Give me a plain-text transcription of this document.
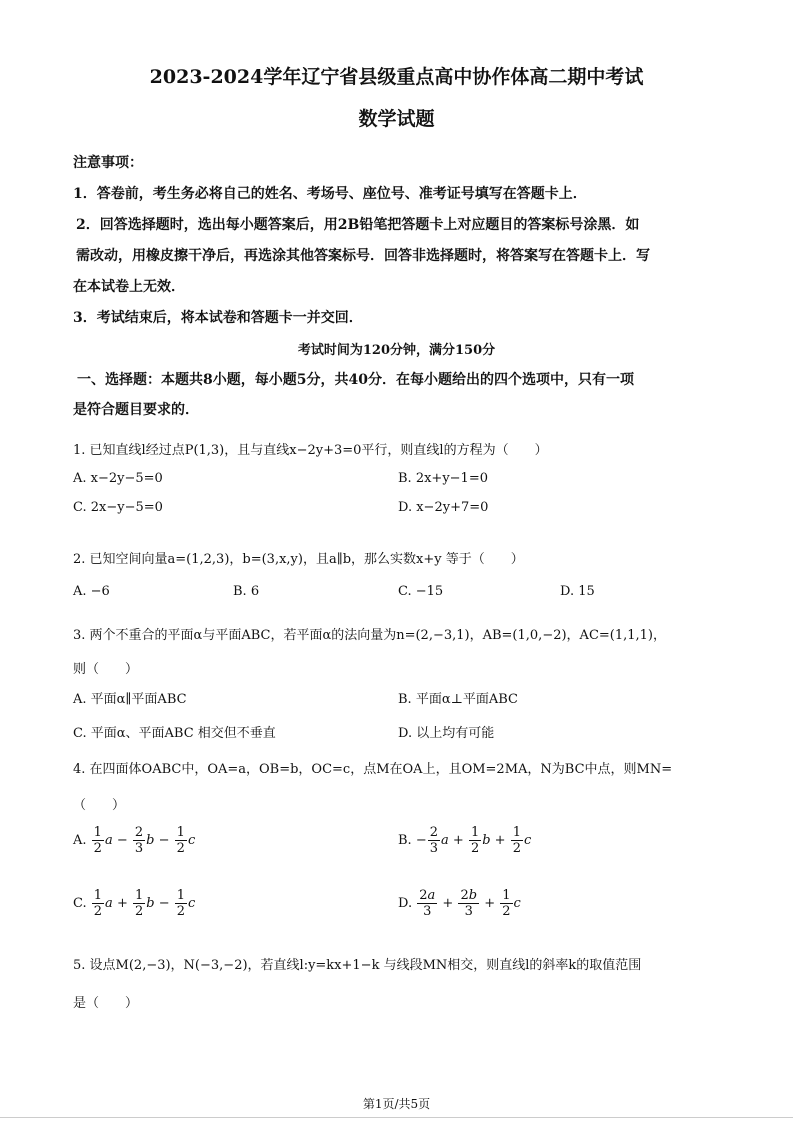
2023-2024学年辽宁省县级重点高中协作体高二期中考试
数学试题
注意事项：
1．答卷前，考生务必将自己的姓名、考场号、座位号、准考证号填写在答题卡上．
2．回答选择题时，选出每小题答案后，用2B铅笔把答题卡上对应题目的答案标号涂黑．如
需改动，用橡皮擦干净后，再选涂其他答案标号．回答非选择题时，将答案写在答题卡上．写
在本试卷上无效．
3．考试结束后，将本试卷和答题卡一并交回．
考试时间为120分钟，满分150分
一、选择题：本题共8小题，每小题5分，共40分．在每小题给出的四个选项中，只有一项
是符合题目要求的．
1. 已知直线l经过点P(1,3)，且与直线x−2y+3=0平行，则直线l的方程为（　　）
A. x−2y−5=0	B. 2x+y−1=0
C. 2x−y−5=0	D. x−2y+7=0
2. 已知空间向量a=(1,2,3)，b=(3,x,y)，且a∥b，那么实数x+y 等于（　　）
A. −6	B. 6	C. −15	D. 15
3. 两个不重合的平面α与平面ABC，若平面α的法向量为n=(2,−3,1)，AB=(1,0,−2)，AC=(1,1,1)，
则（　　）
A. 平面α∥平面ABC	B. 平面α⊥平面ABC
C. 平面α、平面ABC 相交但不垂直	D. 以上均有可能
4. 在四面体OABC中，OA=a，OB=b，OC=c，点M在OA上，且OM=2MA，N为BC中点，则MN=
（　　）
A. $\frac{1}{2}$ $a - \frac{2}{3}$ $b - \frac{1}{2}$ c	B. − $\frac{2}{3}$ $a + \frac{1}{2}$ $b + \frac{1}{2}$ c
C. $\frac{1}{2}$ $a + \frac{1}{2}$ $b - \frac{1}{2}$ c	D. $\frac{2a}{3} + \frac{2b}{3} + \frac{1}{2}$ c
5. 设点M(2,−3)，N(−3,−2)，若直线l:y=kx+1−k 与线段MN相交，则直线l的斜率k的取值范围
是（　　）
第1页/共5页
